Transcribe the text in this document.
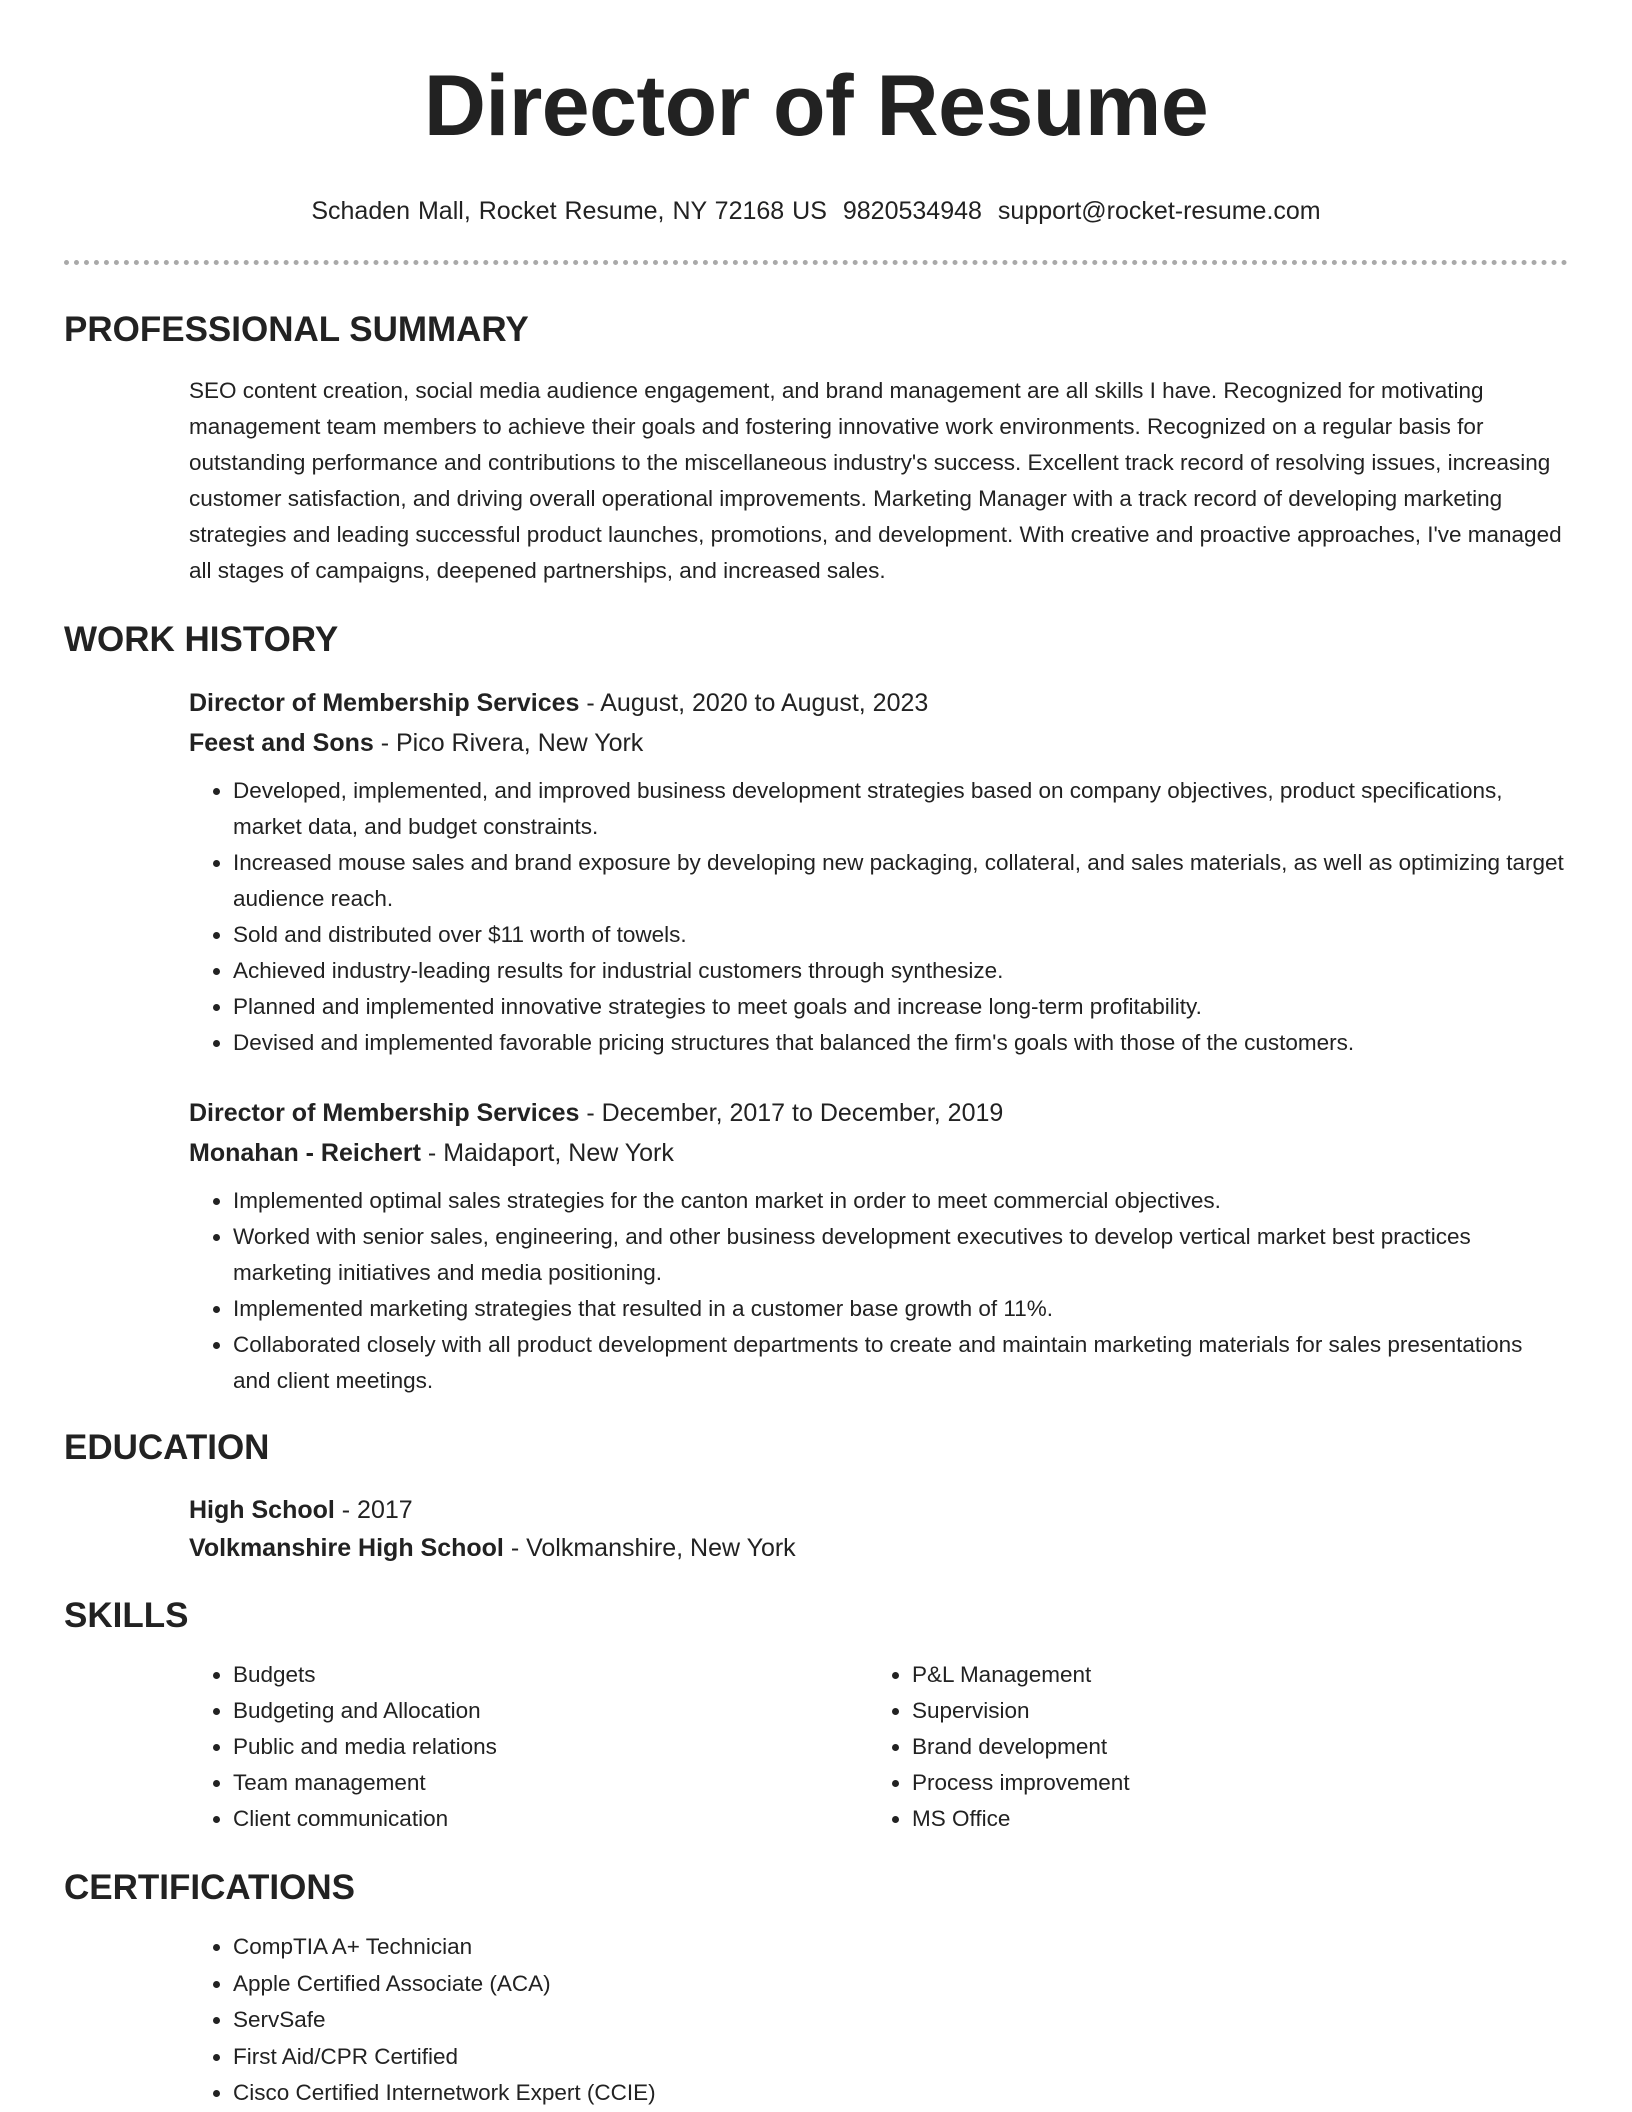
Director of Resume
Schaden Mall, Rocket Resume, NY 72168 US 9820534948 support@rocket-resume.com
PROFESSIONAL SUMMARY

SEO content creation, social media audience engagement, and brand management are all skills I have. Recognized for motivating management team members to achieve their goals and fostering innovative work environments. Recognized on a regular basis for outstanding performance and contributions to the miscellaneous industry's success. Excellent track record of resolving issues, increasing customer satisfaction, and driving overall operational improvements. Marketing Manager with a track record of developing marketing strategies and leading successful product launches, promotions, and development. With creative and proactive approaches, I've managed all stages of campaigns, deepened partnerships, and increased sales.

WORK HISTORY
Director of Membership Services - August, 2020 to August, 2023
Feest and Sons - Pico Rivera, New York
• Developed, implemented, and improved business development strategies based on company objectives, product specifications, market data, and budget constraints.
• Increased mouse sales and brand exposure by developing new packaging, collateral, and sales materials, as well as optimizing target audience reach.
• Sold and distributed over $11 worth of towels.
• Achieved industry-leading results for industrial customers through synthesize.
• Planned and implemented innovative strategies to meet goals and increase long-term profitability.
• Devised and implemented favorable pricing structures that balanced the firm's goals with those of the customers.
Director of Membership Services - December, 2017 to December, 2019
Monahan - Reichert - Maidaport, New York
• Implemented optimal sales strategies for the canton market in order to meet commercial objectives.
• Worked with senior sales, engineering, and other business development executives to develop vertical market best practices marketing initiatives and media positioning.
• Implemented marketing strategies that resulted in a customer base growth of 11%.
• Collaborated closely with all product development departments to create and maintain marketing materials for sales presentations and client meetings.
EDUCATION
High School - 2017
Volkmanshire High School - Volkmanshire, New York
SKILLS
• Budgets
• Budgeting and Allocation
• Public and media relations
• Team management
• Client communication
• P&L Management
• Supervision
• Brand development
• Process improvement
• MS Office
CERTIFICATIONS
• CompTIA A+ Technician
• Apple Certified Associate (ACA)
• ServSafe
• First Aid/CPR Certified
• Cisco Certified Internetwork Expert (CCIE)
